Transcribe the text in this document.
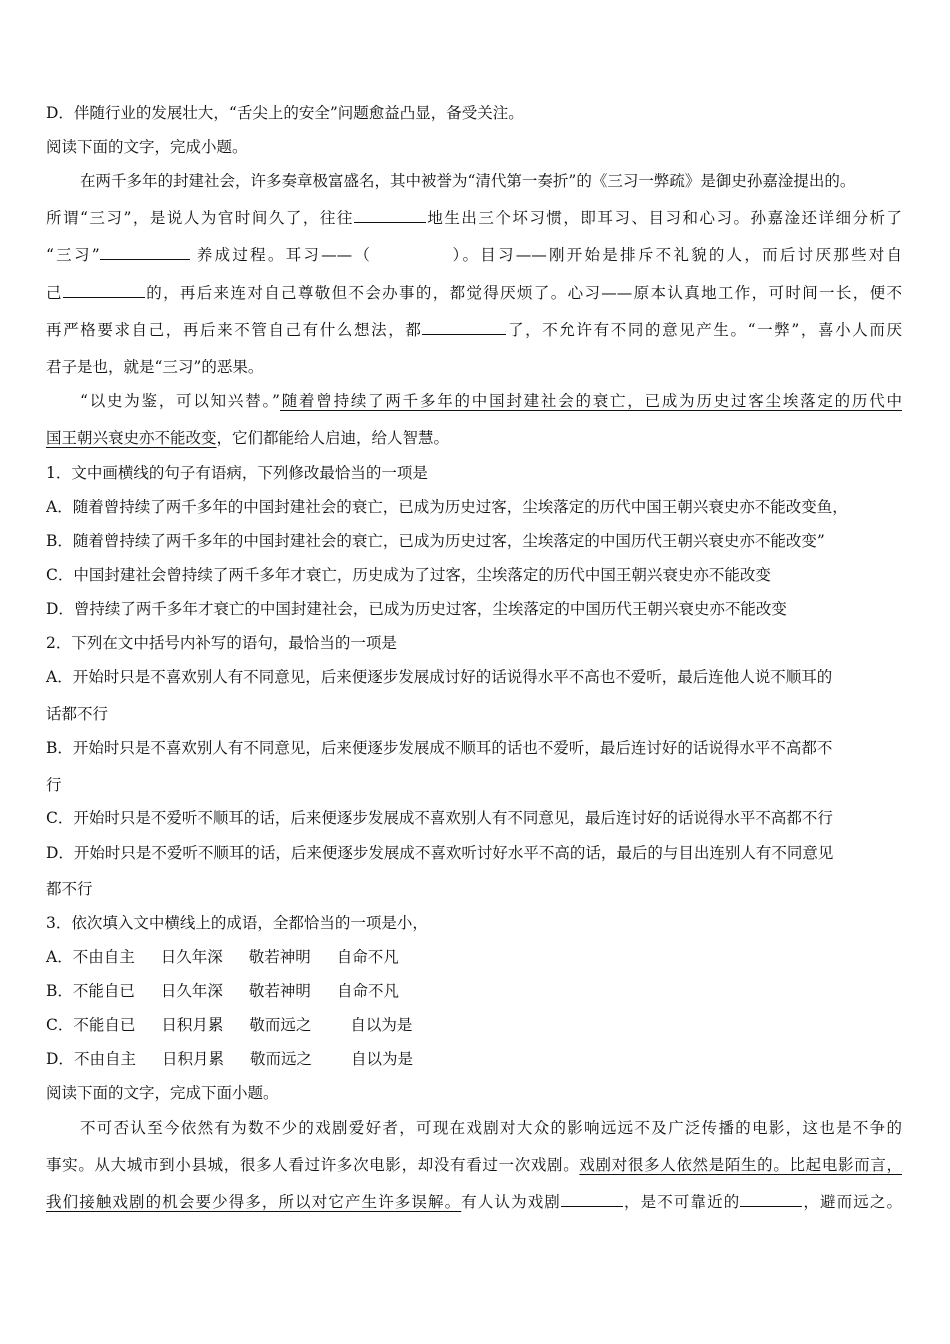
D．伴随行业的发展壮大，“舌尖上的安全”问题愈益凸显，备受关注。
阅读下面的文字，完成小题。
在两千多年的封建社会，许多奏章极富盛名，其中被誉为“清代第一奏折”的《三习一弊疏》是御史孙嘉淦提出的。
所谓“三习”，是说人为官时间久了，往往	地生出三个坏习惯，即耳习、目习和心习。孙嘉淦还详细分析了
“三习”	养成过程。耳习——（	）。目习——刚开始是排斥不礼貌的人，而后讨厌那些对自
己	的，再后来连对自己尊敬但不会办事的，都觉得厌烦了。心习——原本认真地工作，可时间一长，便不
再严格要求自己，再后来不管自己有什么想法，都	了，不允许有不同的意见产生。“一弊”，喜小人而厌
君子是也，就是“三习”的恶果。
“以史为鉴，可以知兴替。”随着曾持续了两千多年的中国封建社会的衰亡，已成为历史过客尘埃落定的历代中
国王朝兴衰史亦不能改变，它们都能给人启迪，给人智慧。
1．文中画横线的句子有语病，下列修改最恰当的一项是
A．随着曾持续了两千多年的中国封建社会的衰亡，已成为历史过客，尘埃落定的历代中国王朝兴衰史亦不能改变鱼，
B．随着曾持续了两千多年的中国封建社会的衰亡，已成为历史过客，尘埃落定的中国历代王朝兴衰史亦不能改变”
C．中国封建社会曾持续了两千多年才衰亡，历史成为了过客，尘埃落定的历代中国王朝兴衰史亦不能改变
D．曾持续了两千多年才衰亡的中国封建社会，已成为历史过客，尘埃落定的中国历代王朝兴衰史亦不能改变
2．下列在文中括号内补写的语句，最恰当的一项是
A．开始时只是不喜欢别人有不同意见，后来便逐步发展成讨好的话说得水平不高也不爱听，最后连他人说不顺耳的
话都不行
B．开始时只是不喜欢别人有不同意见，后来便逐步发展成不顺耳的话也不爱听，最后连讨好的话说得水平不高都不
行
C．开始时只是不爱听不顺耳的话，后来便逐步发展成不喜欢别人有不同意见，最后连讨好的话说得水平不高都不行
D．开始时只是不爱听不顺耳的话，后来便逐步发展成不喜欢听讨好水平不高的话，最后的与目出连别人有不同意见
都不行
3．依次填入文中横线上的成语，全都恰当的一项是小，
A．不由自主 日久年深 敬若神明 自命不凡
B．不能自已 日久年深 敬若神明 自命不凡
C．不能自已 日积月累 敬而远之	自以为是
D．不由自主 日积月累 敬而远之	自以为是
阅读下面的文字，完成下面小题。
不可否认至今依然有为数不少的戏剧爱好者，可现在戏剧对大众的影响远远不及广泛传播的电影，这也是不争的
事实。从大城市到小县城，很多人看过许多次电影，却没有看过一次戏剧。戏剧对很多人依然是陌生的。比起电影而言，
我们接触戏剧的机会要少得多，所以对它产生许多误解。有人认为戏剧	，是不可靠近的	，避而远之。
